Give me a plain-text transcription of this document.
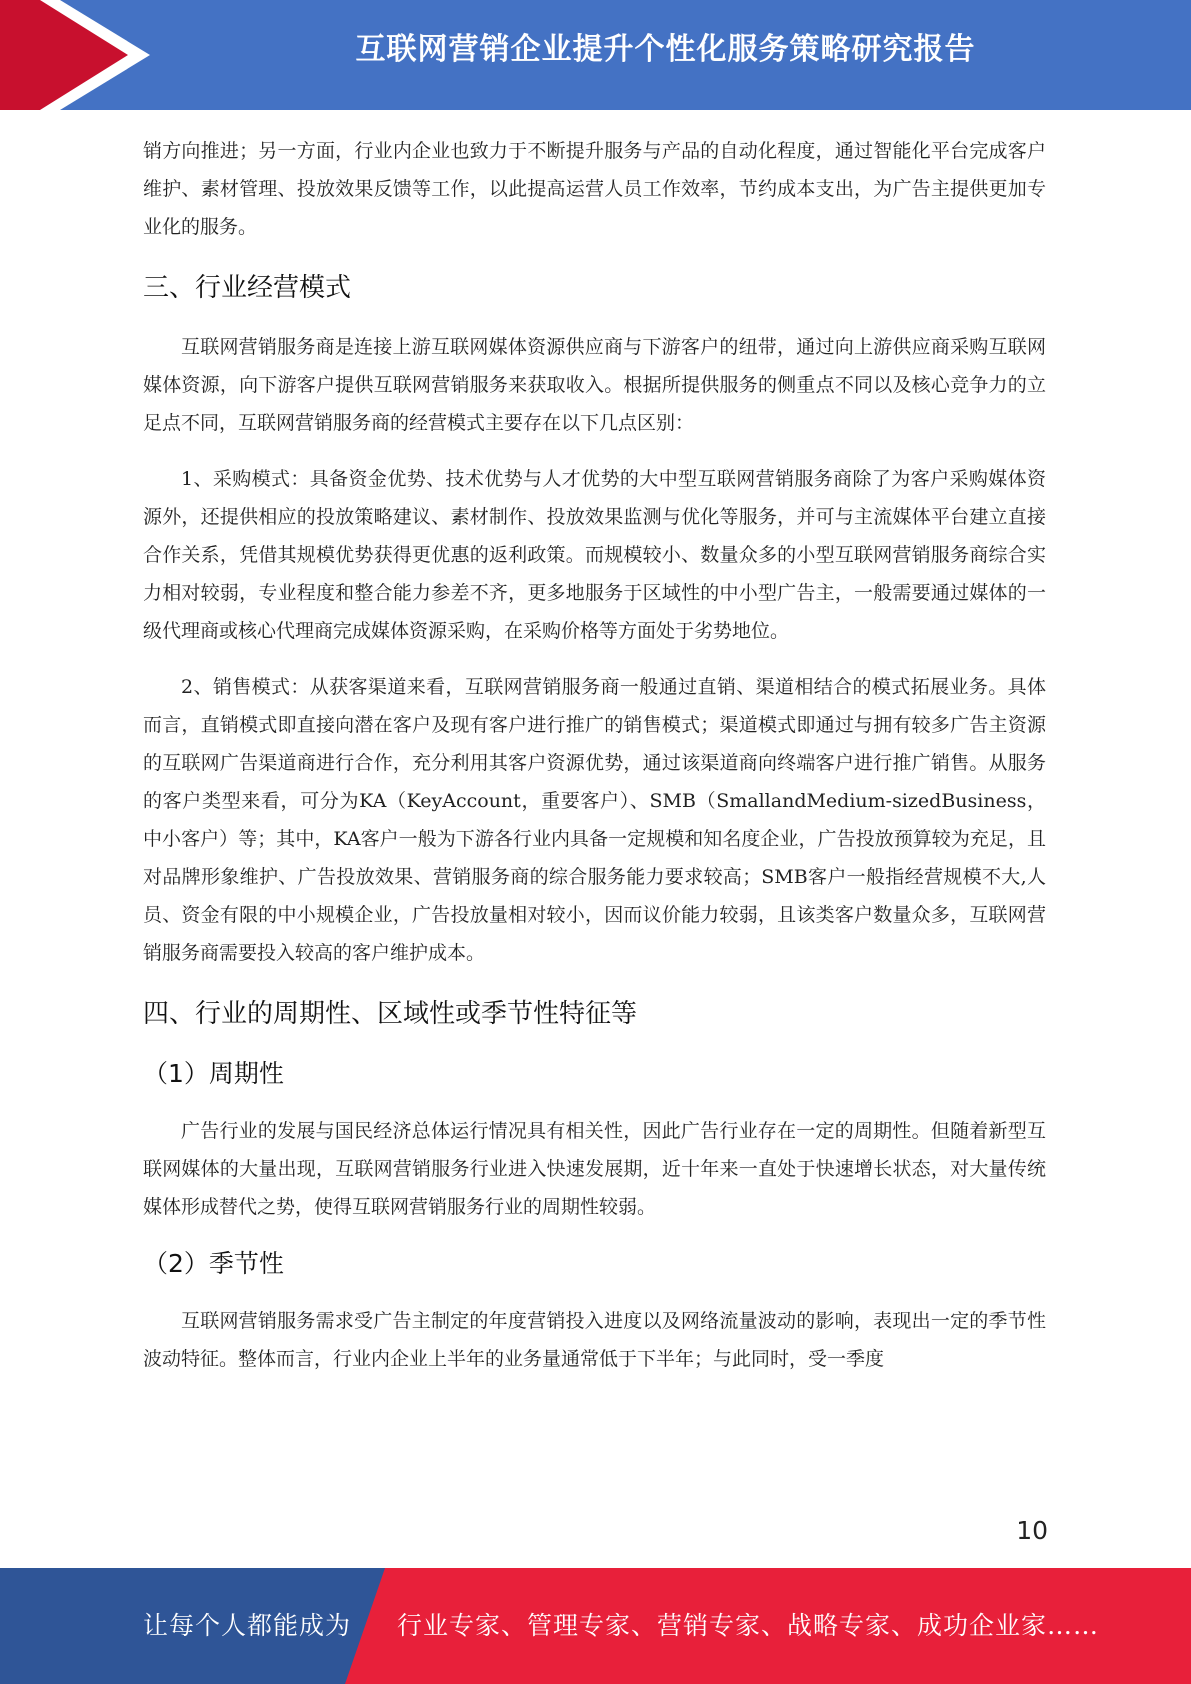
互联网营销企业提升个性化服务策略研究报告

销方向推进；另一方面，行业内企业也致力于不断提升服务与产品的自动化程度，通过智能化平台完成客户维护、素材管理、投放效果反馈等工作，以此提高运营人员工作效率，节约成本支出，为广告主提供更加专业化的服务。

三、行业经营模式

互联网营销服务商是连接上游互联网媒体资源供应商与下游客户的纽带，通过向上游供应商采购互联网媒体资源，向下游客户提供互联网营销服务来获取收入。根据所提供服务的侧重点不同以及核心竞争力的立足点不同，互联网营销服务商的经营模式主要存在以下几点区别：

1、采购模式：具备资金优势、技术优势与人才优势的大中型互联网营销服务商除了为客户采购媒体资源外，还提供相应的投放策略建议、素材制作、投放效果监测与优化等服务，并可与主流媒体平台建立直接合作关系，凭借其规模优势获得更优惠的返利政策。而规模较小、数量众多的小型互联网营销服务商综合实力相对较弱，专业程度和整合能力参差不齐，更多地服务于区域性的中小型广告主，一般需要通过媒体的一级代理商或核心代理商完成媒体资源采购，在采购价格等方面处于劣势地位。

2、销售模式：从获客渠道来看，互联网营销服务商一般通过直销、渠道相结合的模式拓展业务。具体而言，直销模式即直接向潜在客户及现有客户进行推广的销售模式；渠道模式即通过与拥有较多广告主资源的互联网广告渠道商进行合作，充分利用其客户资源优势，通过该渠道商向终端客户进行推广销售。从服务的客户类型来看，可分为KA（KeyAccount，重要客户）、SMB（SmallandMedium-sizedBusiness，中小客户）等；其中，KA客户一般为下游各行业内具备一定规模和知名度企业，广告投放预算较为充足，且对品牌形象维护、广告投放效果、营销服务商的综合服务能力要求较高；SMB客户一般指经营规模不大,人员、资金有限的中小规模企业，广告投放量相对较小，因而议价能力较弱，且该类客户数量众多，互联网营销服务商需要投入较高的客户维护成本。

四、行业的周期性、区域性或季节性特征等
（1）周期性

广告行业的发展与国民经济总体运行情况具有相关性，因此广告行业存在一定的周期性。但随着新型互联网媒体的大量出现，互联网营销服务行业进入快速发展期，近十年来一直处于快速增长状态，对大量传统媒体形成替代之势，使得互联网营销服务行业的周期性较弱。

（2）季节性

互联网营销服务需求受广告主制定的年度营销投入进度以及网络流量波动的影响，表现出一定的季节性波动特征。整体而言，行业内企业上半年的业务量通常低于下半年；与此同时，受一季度

10
让每个人都能成为 行业专家、管理专家、营销专家、战略专家、成功企业家……
